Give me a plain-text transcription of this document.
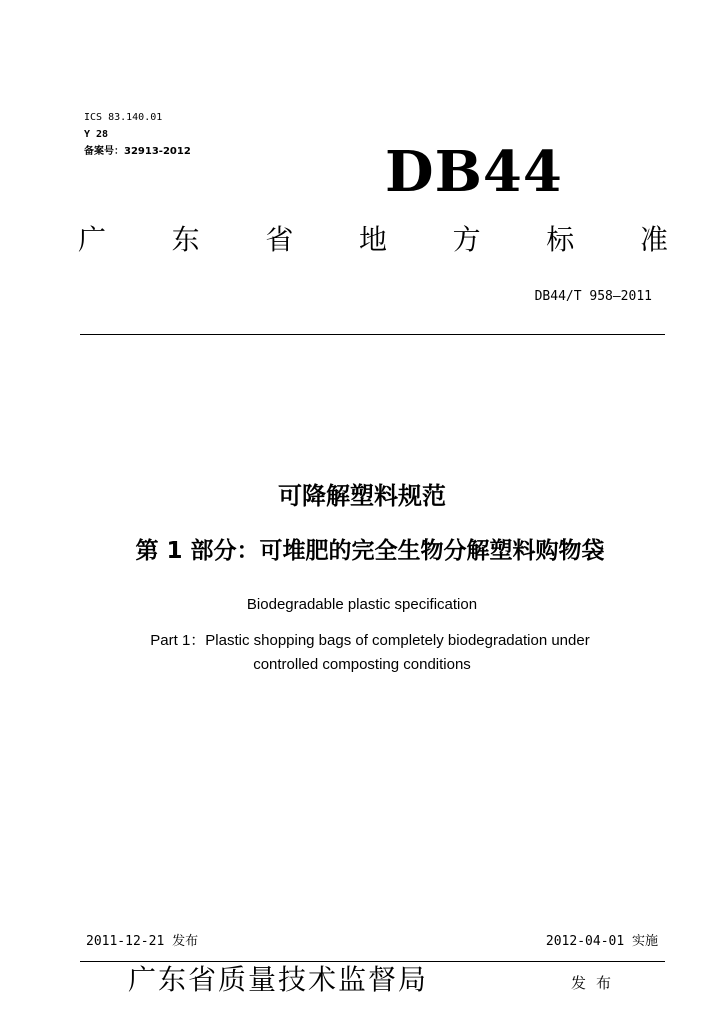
ICS 83.140.01
Y 28
备案号：32913-2012	DB44
广 东 省 地 方 标 准
DB44/T 958—2011
可降解塑料规范
第 1 部分：可堆肥的完全生物分解塑料购物袋
Biodegradable plastic specification
Part 1：Plastic shopping bags of completely biodegradation under
controlled composting conditions
2011-12-21 发布	2012-04-01 实施
广东省质量技术监督局	发布
